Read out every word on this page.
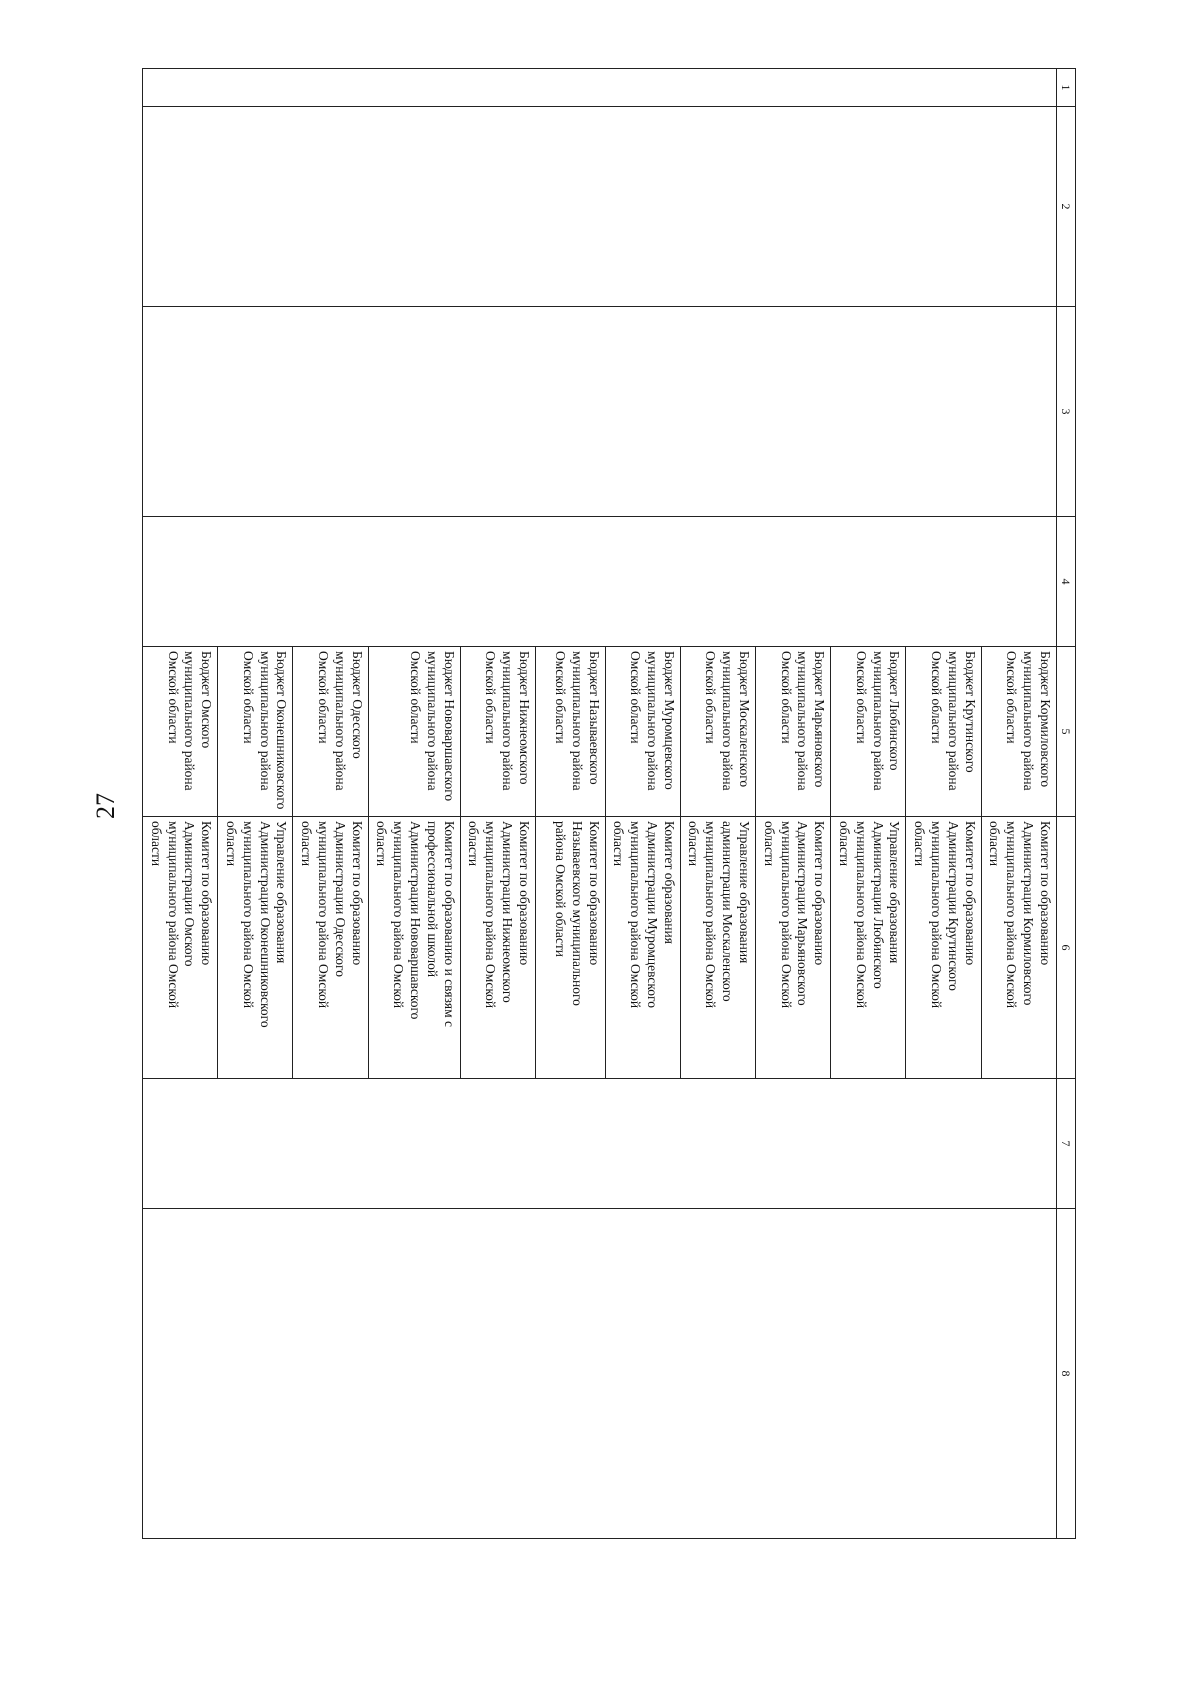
27
1	2	3	4	5	6	7	8
				Бюджет Кормиловского
муниципального района
Омской области	Комитет по образованию
Администрации Кормиловского
муниципального района Омской
области		
				Бюджет Крутинского
муниципального района
Омской области	Комитет по образованию
Администрации Крутинского
муниципального района Омской
области		
				Бюджет Любинского
муниципального района
Омской области	Управление образования
Администрации Любинского
муниципального района Омской
области		
				Бюджет Марьяновского
муниципального района
Омской области	Комитет по образованию
Администрации Марьяновского
муниципального района Омской
области		
				Бюджет Москаленского
муниципального района
Омской области	Управление образования
администрации Москаленского
муниципального района Омской
области		
				Бюджет Муромцевского
муниципального района
Омской области	Комитет образования
Администрации Муромцевского
муниципального района Омской
области		
				Бюджет Называевского
муниципального района
Омской области	Комитет по образованию
Называевского муниципального
района Омской области		
				Бюджет Нижнеомского
муниципального района
Омской области	Комитет по образованию
Администрации Нижнеомского
муниципального района Омской
области		
				Бюджет Нововаршавского
муниципального района
Омской области	Комитет по образованию и связям с
профессиональной школой
Администрации Нововаршавского
муниципального района Омской
области		
				Бюджет Одесского
муниципального района
Омской области	Комитет по образованию
Администрации Одесского
муниципального района Омской
области		
				Бюджет Оконешниковского
муниципального района
Омской области	Управление образования
Администрации Оконешниковского
муниципального района Омской
области		
				Бюджет Омского
муниципального района
Омской области	Комитет по образованию
Администрации Омского
муниципального района Омской
области		
